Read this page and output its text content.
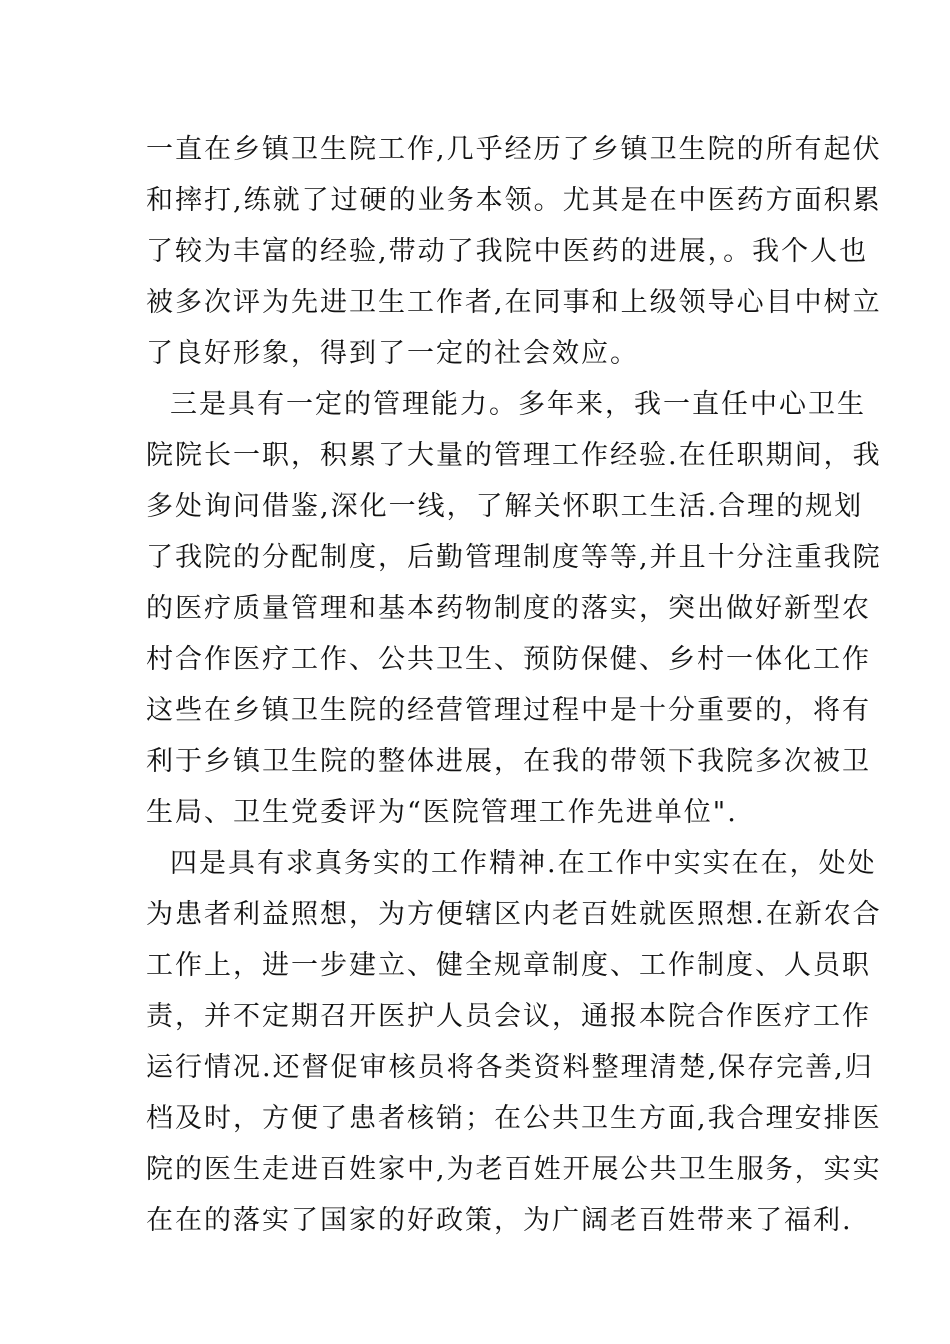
一直在乡镇卫生院工作,几乎经历了乡镇卫生院的所有起伏
和摔打,练就了过硬的业务本领。尤其是在中医药方面积累
了较为丰富的经验,带动了我院中医药的进展，。我个人也
被多次评为先进卫生工作者,在同事和上级领导心目中树立
了良好形象，得到了一定的社会效应。
三是具有一定的管理能力。多年来，我一直任中心卫生
院院长一职，积累了大量的管理工作经验.在任职期间，我
多处询问借鉴,深化一线，了解关怀职工生活.合理的规划
了我院的分配制度，后勤管理制度等等,并且十分注重我院
的医疗质量管理和基本药物制度的落实，突出做好新型农
村合作医疗工作、公共卫生、预防保健、乡村一体化工作
这些在乡镇卫生院的经营管理过程中是十分重要的，将有
利于乡镇卫生院的整体进展，在我的带领下我院多次被卫
生局、卫生党委评为“医院管理工作先进单位".
四是具有求真务实的工作精神.在工作中实实在在，处处
为患者利益照想，为方便辖区内老百姓就医照想.在新农合
工作上，进一步建立、健全规章制度、工作制度、人员职
责，并不定期召开医护人员会议，通报本院合作医疗工作
运行情况.还督促审核员将各类资料整理清楚,保存完善,归
档及时，方便了患者核销；在公共卫生方面,我合理安排医
院的医生走进百姓家中,为老百姓开展公共卫生服务，实实
在在的落实了国家的好政策，为广阔老百姓带来了福利.
